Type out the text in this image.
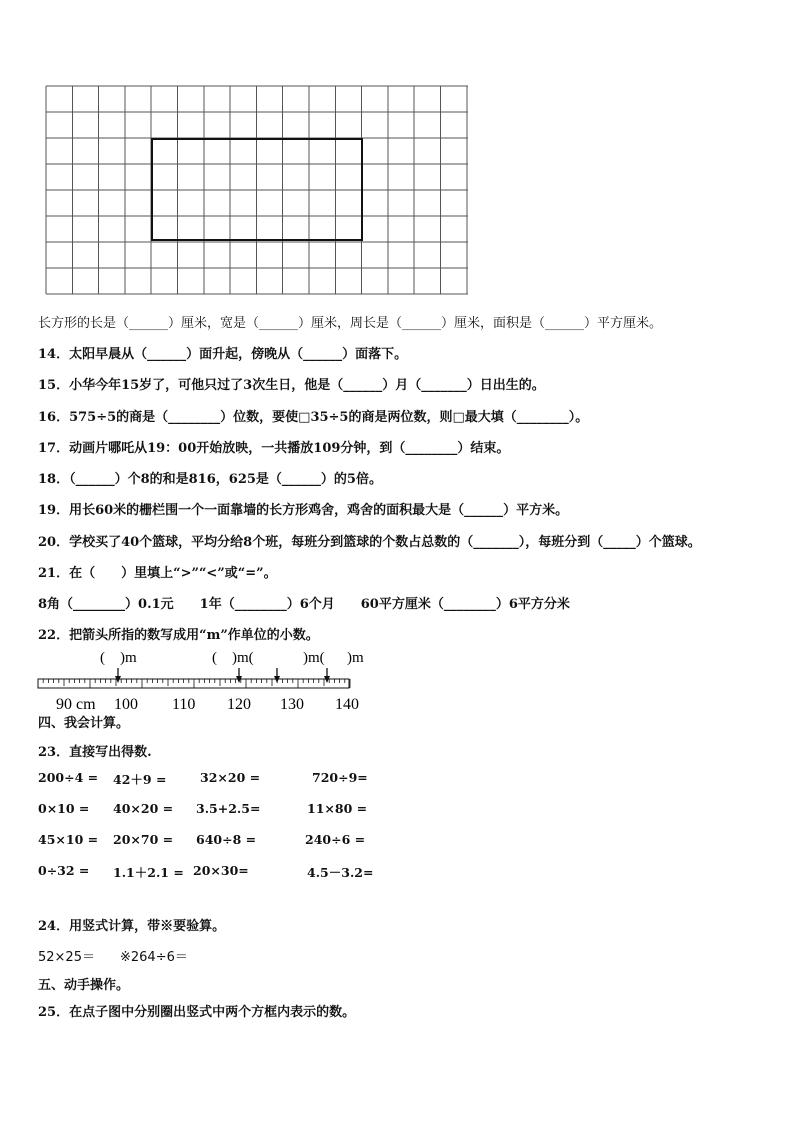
长方形的长是（______）厘米，宽是（______）厘米，周长是（______）厘米，面积是（______）平方厘米。
14．太阳早晨从（______）面升起，傍晚从（______）面落下。
15．小华今年15岁了，可他只过了3次生日，他是（______）月（_______）日出生的。
16．575÷5的商是（________）位数，要使□35÷5的商是两位数，则□最大填（________）。
17．动画片哪吒从19：00开始放映，一共播放109分钟，到（________）结束。
18．（______）个8的和是816，625是（______）的5倍。
19．用长60米的栅栏围一个一面靠墙的长方形鸡舍，鸡舍的面积最大是（______）平方米。
20．学校买了40个篮球，平均分给8个班，每班分到篮球的个数占总数的（_______），每班分到（_____）个篮球。
21．在（　　）里填上“>”“<”或“=”。
8角（________）0.1元　　1年（________）6个月　　60平方厘米（________）6平方分米
22．把箭头所指的数写成用“m”作单位的小数。
(　)m	(　)m( 　)m( 　)m
90 cm 100 110 120 130 140
四、我会计算。
23．直接写出得数.
200÷4 = 42＋9 =	32×20 =	720÷9=
0×10 = 40×20 = 3.5+2.5=	11×80 =
45×10 = 20×70 = 640÷8 =	240÷6 =
0÷32 = 1.1＋2.1 = 20×30=	4.5－3.2=
24．用竖式计算，带※要验算。
52×25＝ ※264÷6＝
五、动手操作。
25．在点子图中分别圈出竖式中两个方框内表示的数。
